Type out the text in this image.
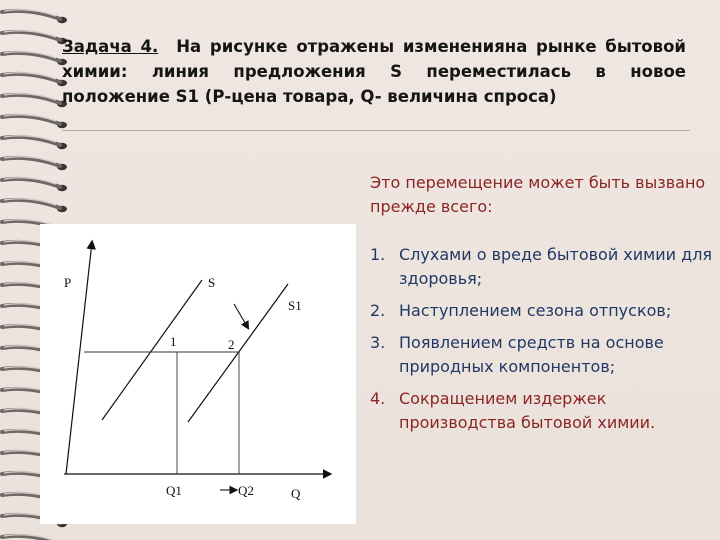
Задача 4. На рисунке отражены измененияна рынке бытовой химии: линия предложения S переместилась в новое положение S1 (Р-цена товара, Q- величина спроса)
P
Q
S
S1
1	2
Q1	Q2

Это перемещение может быть вызвано прежде всего:

1. Слухами о вреде бытовой химии для здоровья;
2. Наступлением сезона отпусков;
3. Появлением средств на основе природных компонентов;
4. Сокращением издержек производства бытовой химии.
